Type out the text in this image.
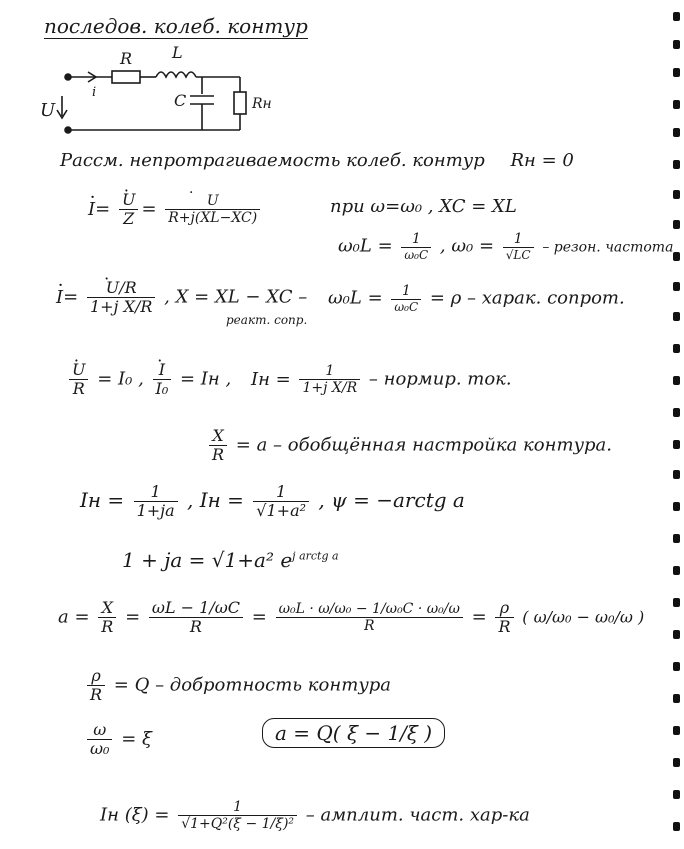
последов. колеб. контур
R L
C	Rн
U
i
Рассм. непротрагиваемость колеб. контур Rн = 0
· I=
· $\frac{U}{Z}$ =
· $\frac{U}{R+j(XL-XC)}$	при ω=ω₀ , XC = XL
$\omega_0L = \frac{1}{\text{ω₀C}}$ , $\omega_0 = \frac{1}{√LC}$ – резон. частота
· I=
· $\frac{U/R}{\text{1+j X/R}}$ , X = XL − XC –
реакт. сопр.
$\omega_0L = \frac{1}{\text{ω₀C}} = \rho$ – харак. сопрот.
· $\frac{U}{R} = I_0$ ,
· $\frac{I}{\text{I₀}}$ = Iн , Iн = $\frac{1}{\text{1+j X/R}}$ – нормир. ток.
$\frac{X}{R} = a$ – обобщённая настройка контура.
Iн = $\frac{1}{1+ja}$ , Iн = $\frac{1}{\text{√1+a²}}$ , ψ = −arctg a
1 + ja = √1+a² $e^{j arctg a}$
$a = \frac{X}{R} = \frac{\omega L - 1/\omega C}{R} = \frac{\text{ω₀L · ω/ω₀ − 1/ω₀C · ω₀/ω}}{R} = \frac{\rho}{R}$ ( ω/ω₀ − ω₀/ω )
$\frac{\rho}{R} = Q$ – добротность контура
$\frac{\omega}{\text{ω₀}} = \xi$	a = Q( ξ − 1/ξ )
Iн $(\xi) = \frac{1}{\text{√1+Q²(ξ − 1/ξ)²}}$ – амплит. част. хар-ка
